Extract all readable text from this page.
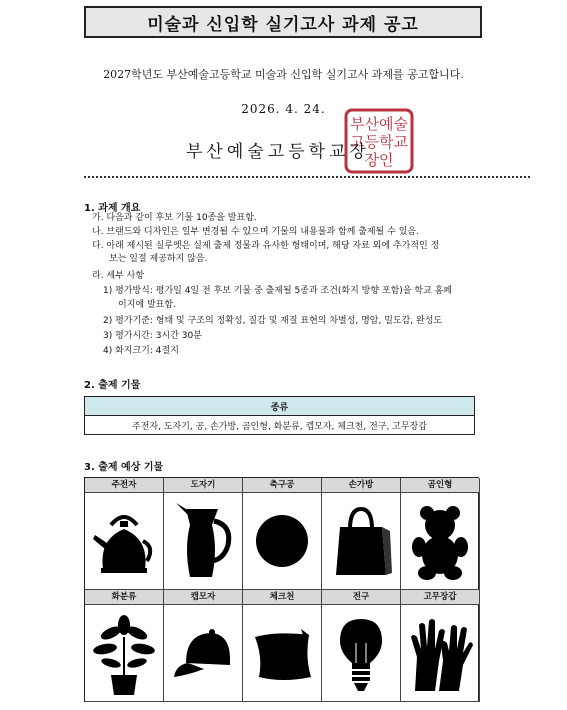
미술과 신입학 실기고사 과제 공고
2027학년도 부산예술고등학교 미술과 신입학 실기고사 과제를 공고합니다.
2026. 4. 24.
부산예술고등학교장
부산예술
고등학교
장인
1. 과제 개요
가. 다음과 같이 후보 기물 10종을 발표함.
나. 브랜드와 디자인은 일부 변경될 수 있으며 기물의 내용물과 함께 출제될 수 있음.
다. 아래 제시된 실루엣은 실제 출제 정물과 유사한 형태이며, 해당 자료 외에 추가적인 정
보는 일절 제공하지 않음.
라. 세부 사항
1) 평가방식: 평가일 4일 전 후보 기물 중 출제될 5종과 조건(화지 방향 포함)을 학교 홈페
이지에 발표함.
2) 평가기준: 형태 및 구조의 정확성, 질감 및 재질 표현의 차별성, 명암, 밀도감, 완성도
3) 평가시간: 3시간 30분
4) 화지크기: 4절지
2. 출제 기물
종류
주전자, 도자기, 공, 손가방, 곰인형, 화분류, 캡모자, 체크천, 전구, 고무장갑
3. 출제 예상 기물
주전자	도자기	축구공	손가방	곰인형
화분류	캡모자	체크천	전구	고무장갑
